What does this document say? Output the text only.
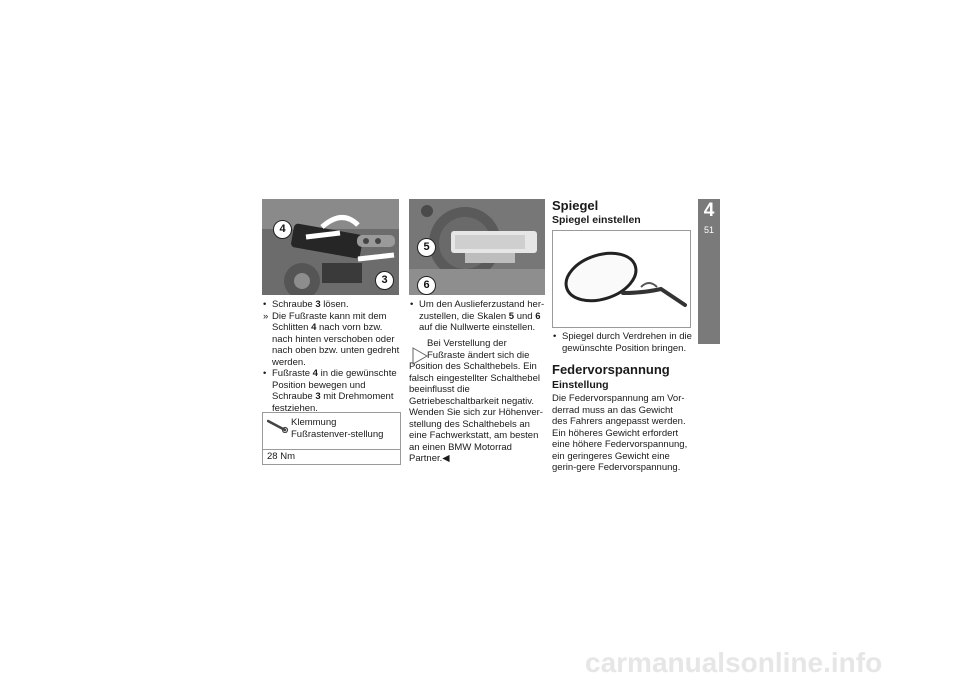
4
3
• Schraube 3 lösen.
» Die Fußraste kann mit dem Schlitten 4 nach vorn bzw. nach hinten verschoben oder nach oben bzw. unten gedreht werden.
• Fußraste 4 in die gewünschte Position bewegen und Schraube 3 mit Drehmoment festziehen.
Klemmung Fußrastenver-stellung
28 Nm
5
6
• Um den Auslieferzustand her-zustellen, die Skalen 5 und 6 auf die Nullwerte einstellen.
Bei Verstellung der Fußraste ändert sich die
Position des Schalthebels. Ein falsch eingestellter Schalthebel beeinflusst die Getriebeschaltbarkeit negativ. Wenden Sie sich zur Höhenver-stellung des Schalthebels an eine Fachwerkstatt, am besten an einen BMW Motorrad Partner.◀
Spiegel
Spiegel einstellen
• Spiegel durch Verdrehen in die gewünschte Position bringen.
Federvorspannung
Einstellung
Die Federvorspannung am Vor-derrad muss an das Gewicht des Fahrers angepasst werden. Ein höheres Gewicht erfordert eine höhere Federvorspannung, ein geringeres Gewicht eine gerin-gere Federvorspannung.
4
51
Bedienung
carmanualsonline.info
